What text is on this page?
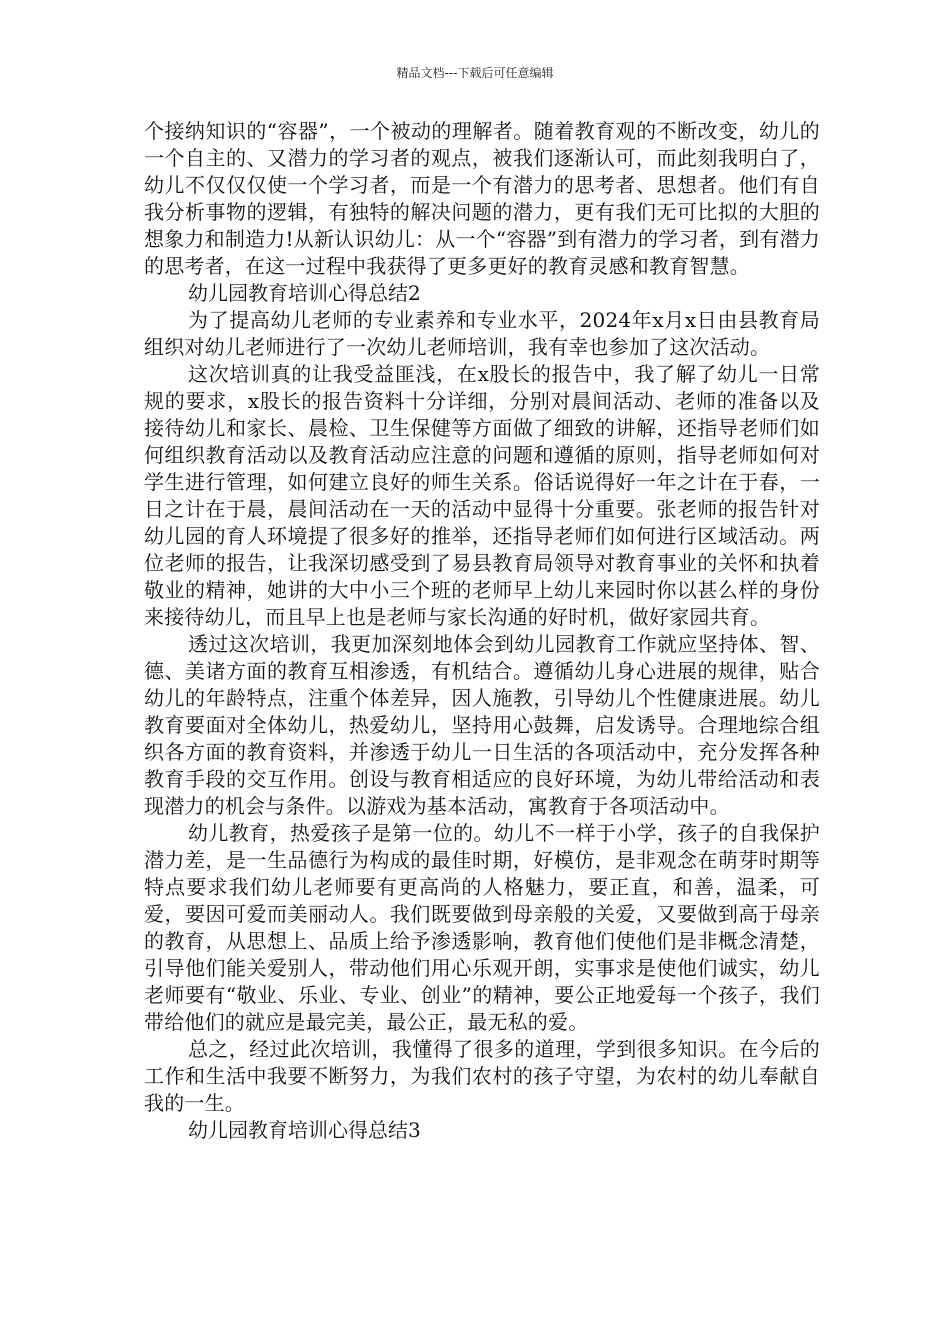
精品文档---下载后可任意编辑

个接纳知识的“容器”，一个被动的理解者。随着教育观的不断改变，幼儿的一个自主的、又潜力的学习者的观点，被我们逐渐认可，而此刻我明白了，幼儿不仅仅仅使一个学习者，而是一个有潜力的思考者、思想者。他们有自我分析事物的逻辑，有独特的解决问题的潜力，更有我们无可比拟的大胆的想象力和制造力!从新认识幼儿：从一个“容器”到有潜力的学习者，到有潜力的思考者，在这一过程中我获得了更多更好的教育灵感和教育智慧。

幼儿园教育培训心得总结2

为了提高幼儿老师的专业素养和专业水平，2024年x月x日由县教育局组织对幼儿老师进行了一次幼儿老师培训，我有幸也参加了这次活动。

这次培训真的让我受益匪浅，在x股长的报告中，我了解了幼儿一日常规的要求，x股长的报告资料十分详细，分别对晨间活动、老师的准备以及接待幼儿和家长、晨检、卫生保健等方面做了细致的讲解，还指导老师们如何组织教育活动以及教育活动应注意的问题和遵循的原则，指导老师如何对学生进行管理，如何建立良好的师生关系。俗话说得好一年之计在于春，一日之计在于晨，晨间活动在一天的活动中显得十分重要。张老师的报告针对幼儿园的育人环境提了很多好的推举，还指导老师们如何进行区域活动。两位老师的报告，让我深切感受到了易县教育局领导对教育事业的关怀和执着敬业的精神，她讲的大中小三个班的老师早上幼儿来园时你以甚么样的身份来接待幼儿，而且早上也是老师与家长沟通的好时机，做好家园共育。

透过这次培训，我更加深刻地体会到幼儿园教育工作就应坚持体、智、德、美诸方面的教育互相渗透，有机结合。遵循幼儿身心进展的规律，贴合幼儿的年龄特点，注重个体差异，因人施教，引导幼儿个性健康进展。幼儿教育要面对全体幼儿，热爱幼儿，坚持用心鼓舞，启发诱导。合理地综合组织各方面的教育资料，并渗透于幼儿一日生活的各项活动中，充分发挥各种教育手段的交互作用。创设与教育相适应的良好环境，为幼儿带给活动和表现潜力的机会与条件。以游戏为基本活动，寓教育于各项活动中。

幼儿教育，热爱孩子是第一位的。幼儿不一样于小学，孩子的自我保护潜力差，是一生品德行为构成的最佳时期，好模仿，是非观念在萌芽时期等特点要求我们幼儿老师要有更高尚的人格魅力，要正直，和善，温柔，可爱，要因可爱而美丽动人。我们既要做到母亲般的关爱，又要做到高于母亲的教育，从思想上、品质上给予渗透影响，教育他们使他们是非概念清楚，引导他们能关爱别人，带动他们用心乐观开朗，实事求是使他们诚实，幼儿老师要有“敬业、乐业、专业、创业”的精神，要公正地爱每一个孩子，我们带给他们的就应是最完美，最公正，最无私的爱。

总之，经过此次培训，我懂得了很多的道理，学到很多知识。在今后的工作和生活中我要不断努力，为我们农村的孩子守望，为农村的幼儿奉献自我的一生。

幼儿园教育培训心得总结3
